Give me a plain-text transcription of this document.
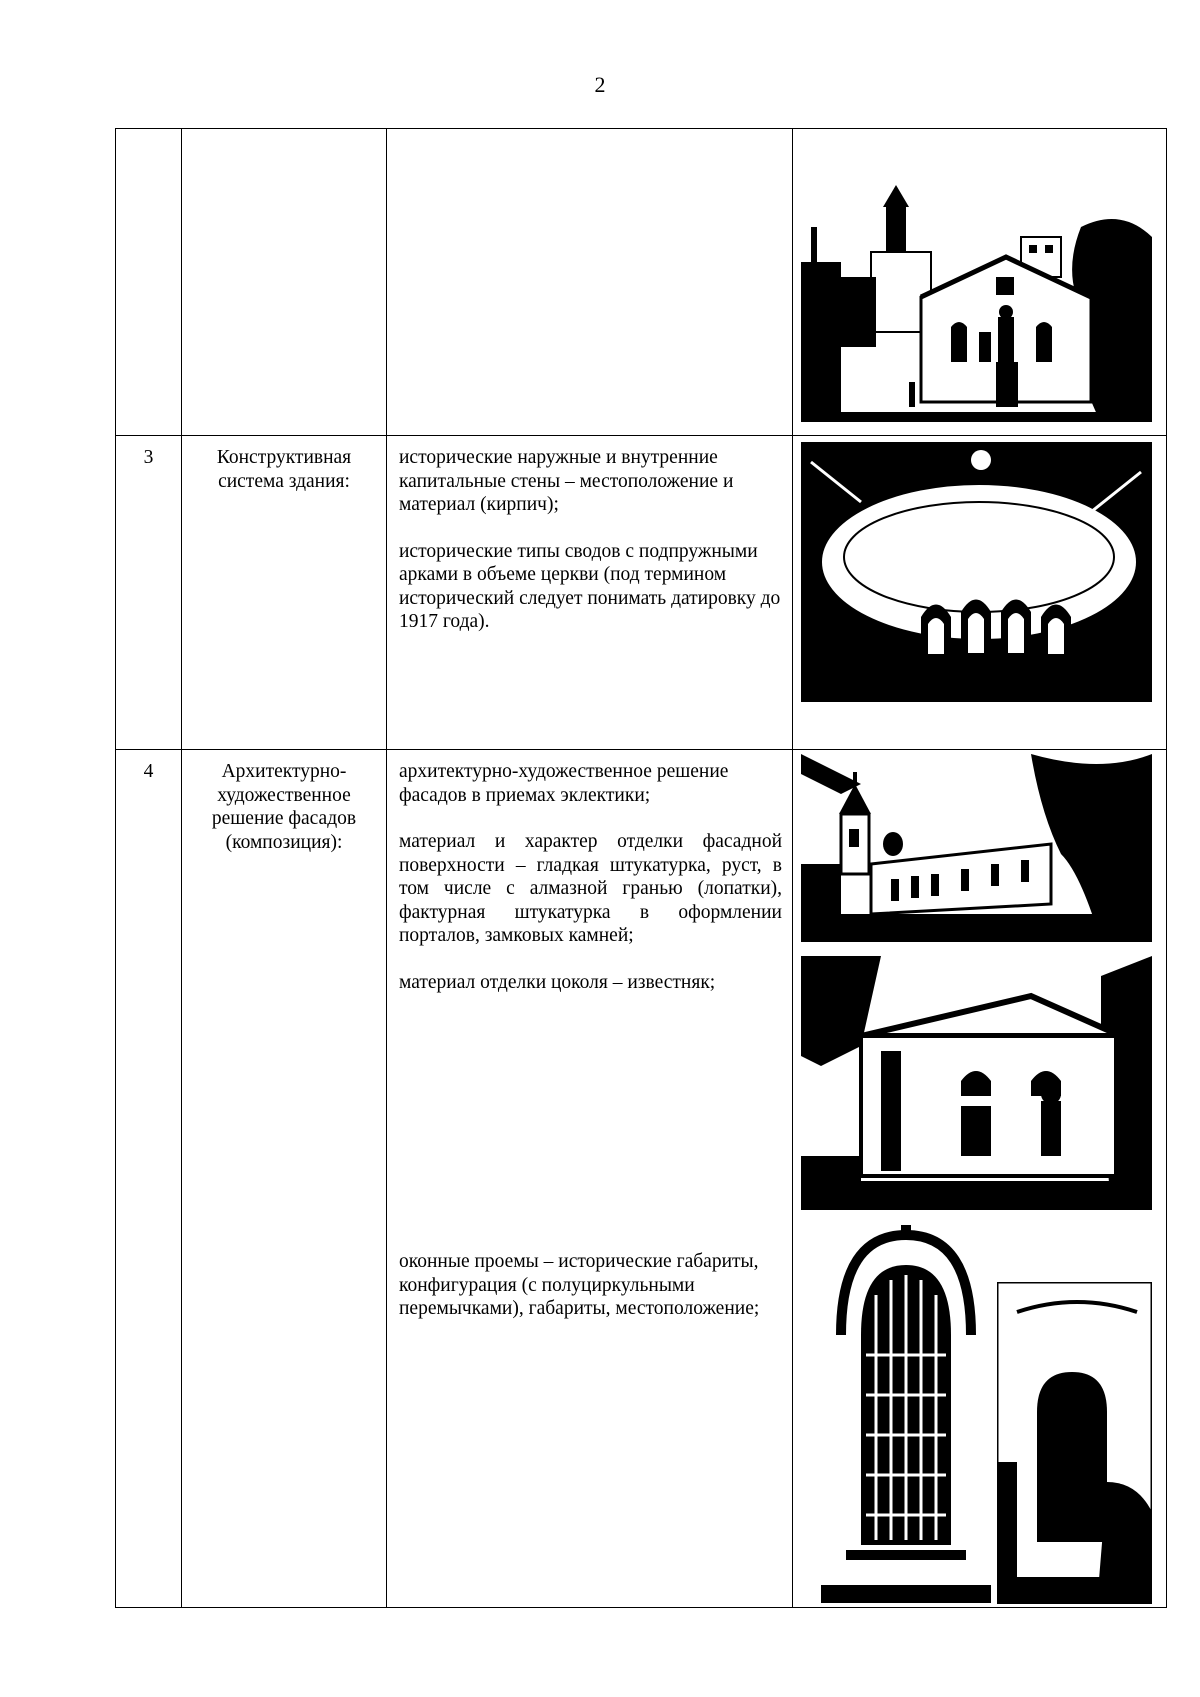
2

3	Конструктивная система здания:	исторические наружные и внутренние капитальные стены – местоположение и материал (кирпич);

исторические типы сводов с подпружными арками в объеме церкви (под термином исторический следует понимать датировку до 1917 года).

4	Архитектурно-художественное решение фасадов (композиция):	архитектурно-художественное решение фасадов в приемах эклектики;

материал и характер отделки фасадной поверхности – гладкая штукатурка, руст, в том числе с алмазной гранью (лопатки), фактурная штукатурка в оформлении порталов, замковых камней;

материал отделки цоколя – известняк;

оконные проемы – исторические габариты, конфигурация (с полуциркульными перемычками), габариты, местоположение;
